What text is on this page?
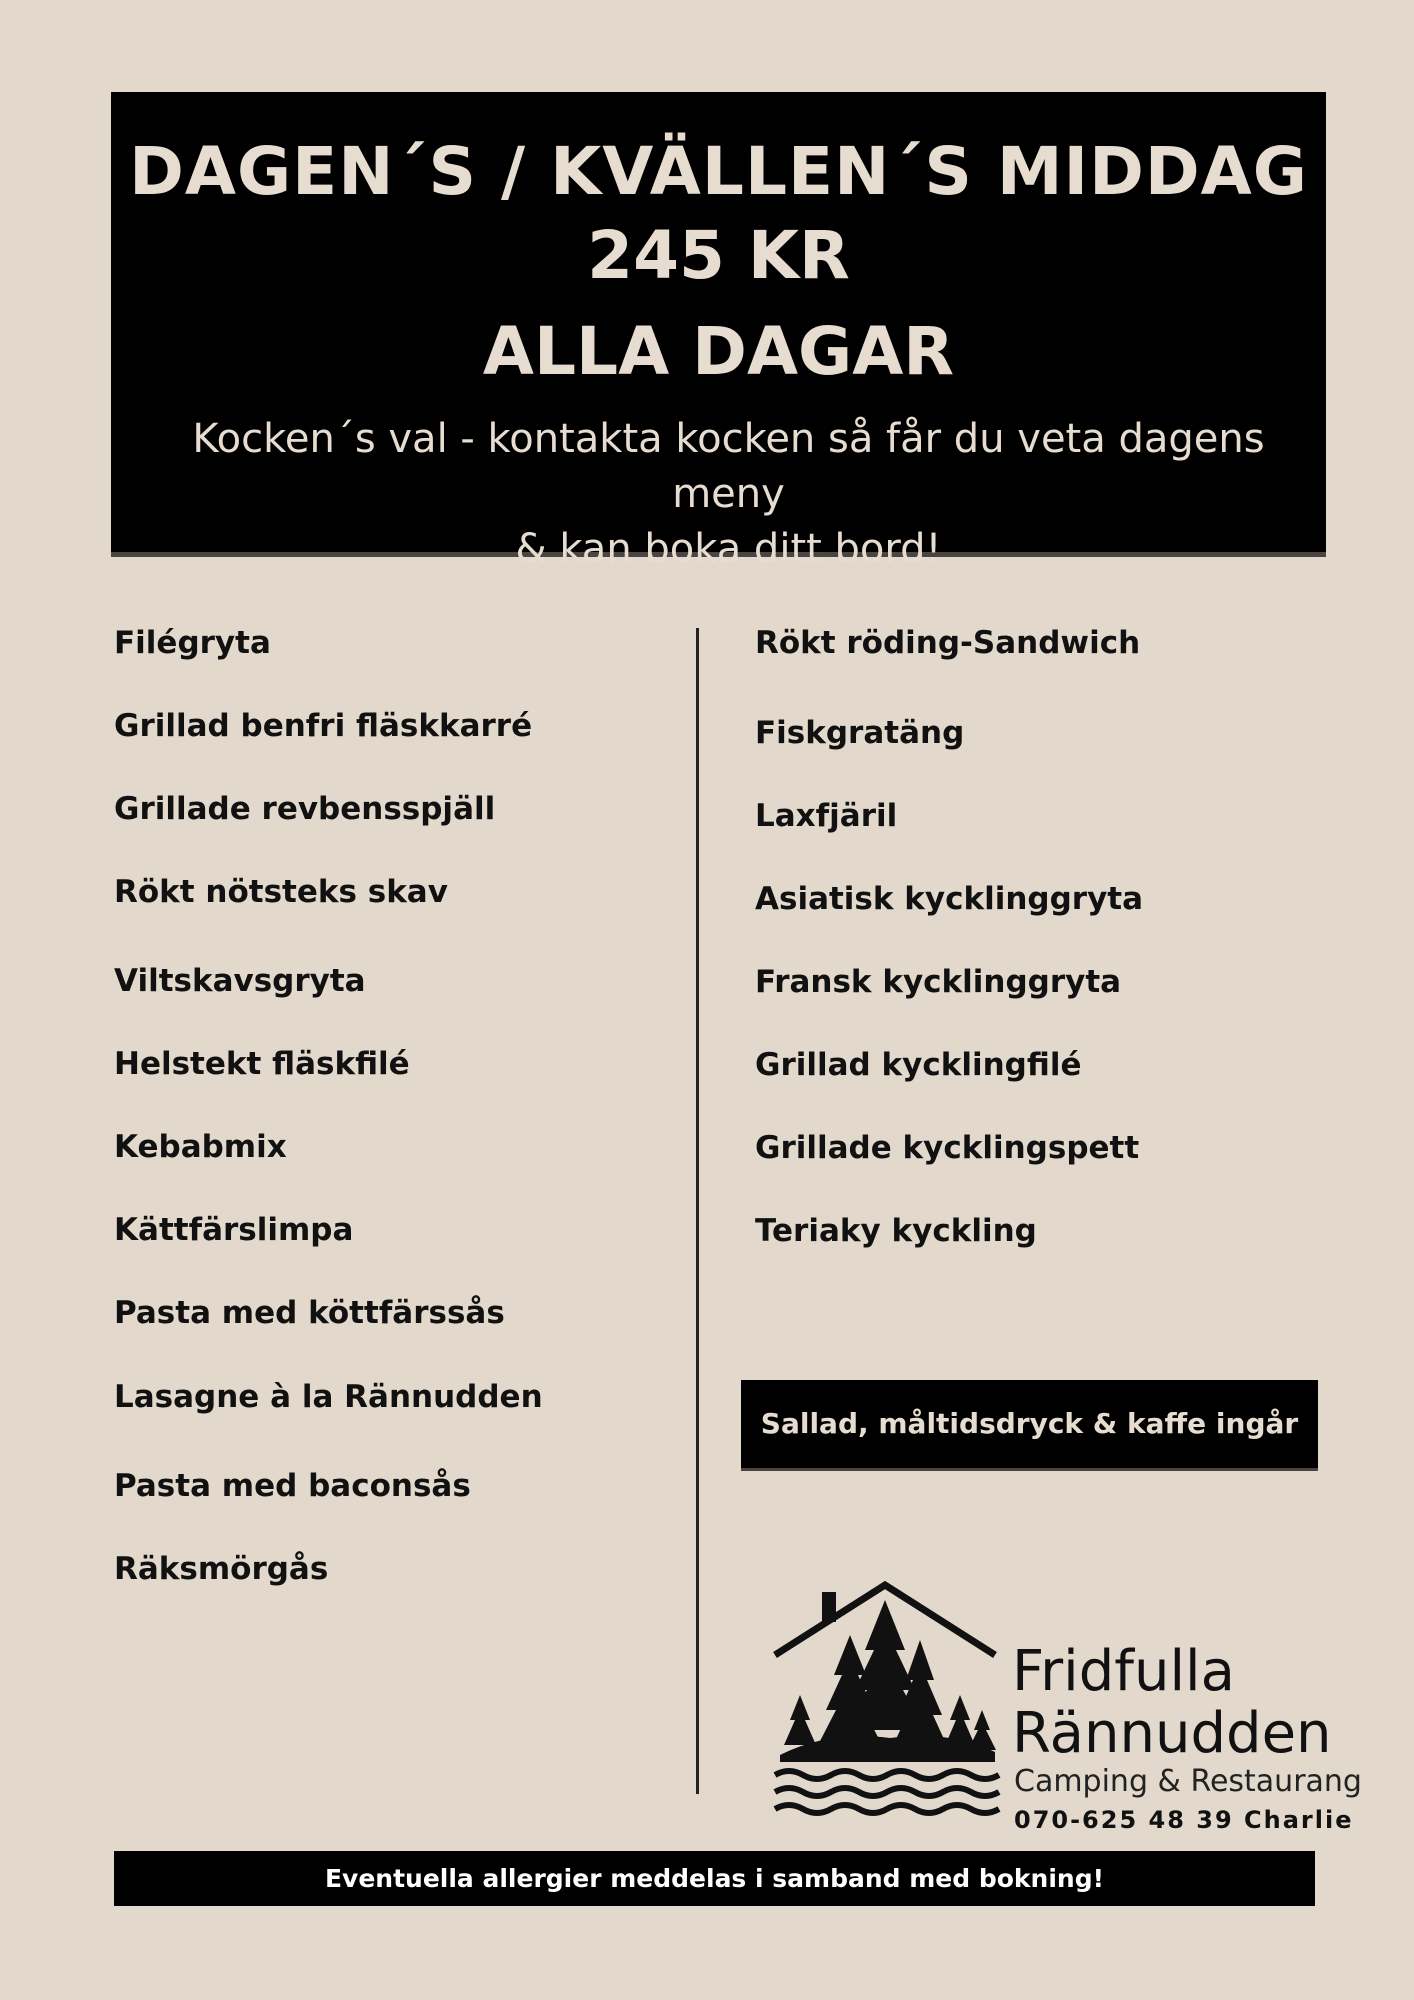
DAGEN´S / KVÄLLEN´S MIDDAG
245 KR
ALLA DAGAR
Kocken´s val - kontakta kocken så får du veta dagens meny
& kan boka ditt bord!
Filégryta
Grillad benfri fläskkarré
Grillade revbensspjäll
Rökt nötsteks skav
Viltskavsgryta
Helstekt fläskfilé
Kebabmix
Kättfärslimpa
Pasta med köttfärssås
Lasagne à la Rännudden
Pasta med baconsås
Räksmörgås
Rökt röding-Sandwich
Fiskgratäng
Laxfjäril
Asiatisk kycklinggryta
Fransk kycklinggryta
Grillad kycklingfilé
Grillade kycklingspett
Teriaky kyckling
Sallad, måltidsdryck & kaffe ingår
Fridfulla
Rännudden
Camping & Restaurang
070-625 48 39 Charlie
Eventuella allergier meddelas i samband med bokning!
